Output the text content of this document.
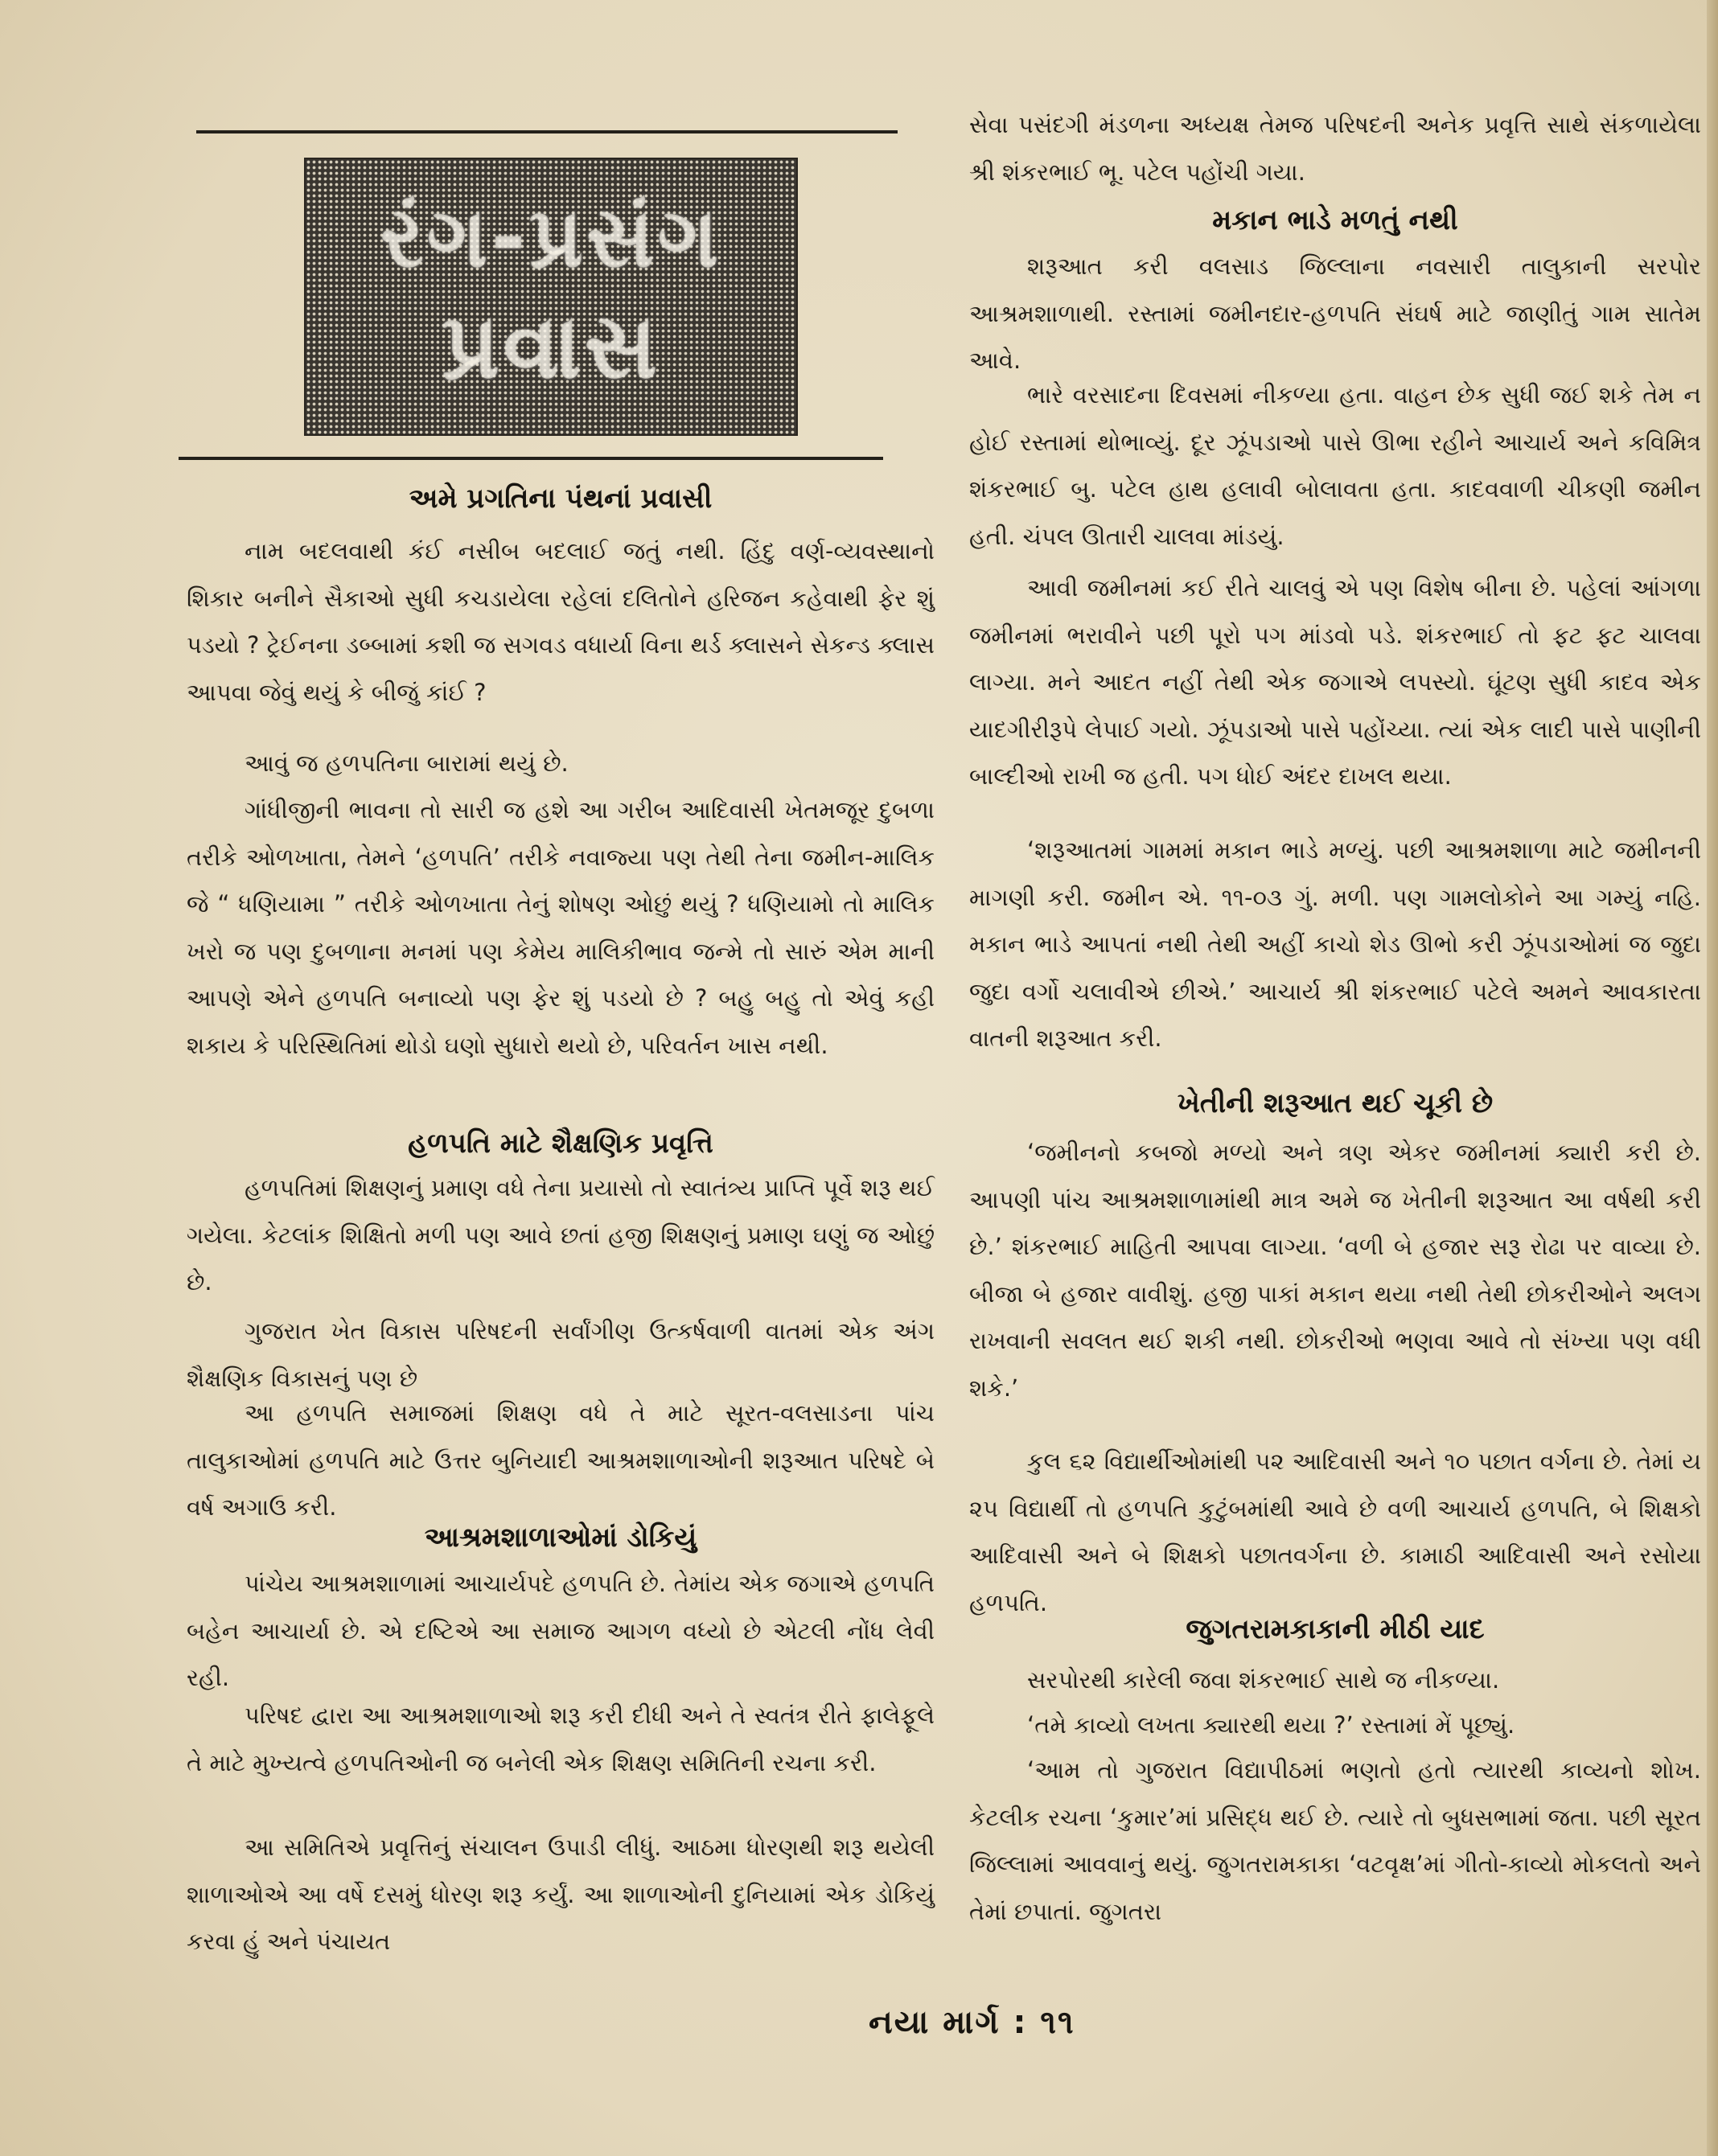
રંગ-પ્રસંગ
પ્રવાસ
અમે પ્રગતિના પંથનાં પ્રવાસી
નામ બદલવાથી કંઈ નસીબ બદલાઈ જતું નથી. હિંદુ વર્ણ-વ્યવસ્થાનો શિકાર બનીને સૈકાઓ સુધી કચડાયેલા રહેલાં દલિતોને હરિજન કહેવાથી ફેર શું પડયો ? ટ્રેઈનના ડબ્બામાં કશી જ સગવડ વધાર્યા વિના થર્ડ ક્લાસને સેકન્ડ ક્લાસ આપવા જેવું થયું કે બીજું કાંઈ ?
આવું જ હળપતિના બારામાં થયું છે.
ગાંધીજીની ભાવના તો સારી જ હશે આ ગરીબ આદિવાસી ખેતમજૂર દુબળા તરીકે ઓળખાતા, તેમને ‘હળપતિ’ તરીકે નવાજ્યા પણ તેથી તેના જમીન-માલિક જે “ ધણિયામા ” તરીકે ઓળખાતા તેનું શોષણ ઓછું થયું ? ધણિયામો તો માલિક ખરો જ પણ દુબળાના મનમાં પણ કેમેય માલિકીભાવ જન્મે તો સારું એમ માની આપણે એને હળપતિ બનાવ્યો પણ ફેર શું પડયો છે ? બહુ બહુ તો એવું કહી શકાય કે પરિસ્થિતિમાં થોડો ઘણો સુધારો થયો છે, પરિવર્તન ખાસ નથી.
હળપતિ માટે શૈક્ષણિક પ્રવૃત્તિ
હળપતિમાં શિક્ષણનું પ્રમાણ વધે તેના પ્રયાસો તો સ્વાતંત્ર્ય પ્રાપ્તિ પૂર્વે શરૂ થઈ ગયેલા. કેટલાંક શિક્ષિતો મળી પણ આવે છતાં હજી શિક્ષણનું પ્રમાણ ઘણું જ ઓછું છે.
ગુજરાત ખેત વિકાસ પરિષદની સર્વાંગીણ ઉત્કર્ષવાળી વાતમાં એક અંગ શૈક્ષણિક વિકાસનું પણ છે
આ હળપતિ સમાજમાં શિક્ષણ વધે તે માટે સૂરત-વલસાડના પાંચ તાલુકાઓમાં હળપતિ માટે ઉત્તર બુનિયાદી આશ્રમશાળાઓની શરૂઆત પરિષદે બે વર્ષ અગાઉ કરી.
આશ્રમશાળાઓમાં ડોકિયું
પાંચેય આશ્રમશાળામાં આચાર્યપદે હળપતિ છે. તેમાંય એક જગાએ હળપતિ બહેન આચાર્યા છે. એ દષ્ટિએ આ સમાજ આગળ વધ્યો છે એટલી નોંધ લેવી રહી.
પરિષદ દ્વારા આ આશ્રમશાળાઓ શરૂ કરી દીધી અને તે સ્વતંત્ર રીતે ફાલેફૂલે તે માટે મુખ્યત્વે હળપતિઓની જ બનેલી એક શિક્ષણ સમિતિની રચના કરી.
આ સમિતિએ પ્રવૃત્તિનું સંચાલન ઉપાડી લીધું. આઠમા ધોરણથી શરૂ થયેલી શાળાઓએ આ વર્ષે દસમું ધોરણ શરૂ કર્યું. આ શાળાઓની દુનિયામાં એક ડોકિયું કરવા હું અને પંચાયત
સેવા પસંદગી મંડળના અધ્યક્ષ તેમજ પરિષદની અનેક પ્રવૃત્તિ સાથે સંકળાયેલા શ્રી શંકરભાઈ ભૂ. પટેલ પહોંચી ગયા.
મકાન ભાડે મળતું નથી
શરૂઆત કરી વલસાડ જિલ્લાના નવસારી તાલુકાની સરપોર આશ્રમશાળાથી. રસ્તામાં જમીનદાર-હળપતિ સંઘર્ષ માટે જાણીતું ગામ સાતેમ આવે.
ભારે વરસાદના દિવસમાં નીકળ્યા હતા. વાહન છેક સુધી જઈ શકે તેમ ન હોઈ રસ્તામાં થોભાવ્યું. દૂર ઝૂંપડાઓ પાસે ઊભા રહીને આચાર્ય અને કવિમિત્ર શંકરભાઈ બુ. પટેલ હાથ હલાવી બોલાવતા હતા. કાદવવાળી ચીકણી જમીન હતી. ચંપલ ઊતારી ચાલવા માંડયું.
આવી જમીનમાં કઈ રીતે ચાલવું એ પણ વિશેષ બીના છે. પહેલાં આંગળા જમીનમાં ભરાવીને પછી પૂરો પગ માંડવો પડે. શંકરભાઈ તો ફટ ફટ ચાલવા લાગ્યા. મને આદત નહીં તેથી એક જગાએ લપસ્યો. ઘૂંટણ સુધી કાદવ એક યાદગીરીરૂપે લેપાઈ ગયો. ઝૂંપડાઓ પાસે પહોંચ્યા. ત્યાં એક લાદી પાસે પાણીની બાલ્દીઓ રાખી જ હતી. પગ ધોઈ અંદર દાખલ થયા.
‘શરૂઆતમાં ગામમાં મકાન ભાડે મળ્યું. પછી આશ્રમશાળા માટે જમીનની માગણી કરી. જમીન એ. ૧૧-૦૩ ગું. મળી. પણ ગામલોકોને આ ગમ્યું નહિ. મકાન ભાડે આપતાં નથી તેથી અહીં કાચો શેડ ઊભો કરી ઝૂંપડાઓમાં જ જુદા જુદા વર્ગો ચલાવીએ છીએ.’ આચાર્ય શ્રી શંકરભાઈ પટેલે અમને આવકારતા વાતની શરૂઆત કરી.
ખેતીની શરૂઆત થઈ ચૂકી છે
‘જમીનનો કબજો મળ્યો અને ત્રણ એકર જમીનમાં ક્યારી કરી છે. આપણી પાંચ આશ્રમશાળામાંથી માત્ર અમે જ ખેતીની શરૂઆત આ વર્ષથી કરી છે.’ શંકરભાઈ માહિતી આપવા લાગ્યા. ‘વળી બે હજાર સરૂ રોઢા પર વાવ્યા છે. બીજા બે હજાર વાવીશું. હજી પાકાં મકાન થયા નથી તેથી છોકરીઓને અલગ રાખવાની સવલત થઈ શકી નથી. છોકરીઓ ભણવા આવે તો સંખ્યા પણ વધી શકે.’
કુલ ૬૨ વિદ્યાર્થીઓમાંથી ૫૨ આદિવાસી અને ૧૦ પછાત વર્ગના છે. તેમાં ય ૨૫ વિદ્યાર્થી તો હળપતિ કુટુંબમાંથી આવે છે વળી આચાર્ય હળપતિ, બે શિક્ષકો આદિવાસી અને બે શિક્ષકો પછાતવર્ગના છે. કામાઠી આદિવાસી અને રસોયા હળપતિ.
જુગતરામકાકાની મીઠી યાદ
સરપોરથી કારેલી જવા શંકરભાઈ સાથે જ નીકળ્યા.
‘તમે કાવ્યો લખતા ક્યારથી થયા ?’ રસ્તામાં મેં પૂછ્યું.
‘આમ તો ગુજરાત વિદ્યાપીઠમાં ભણતો હતો ત્યારથી કાવ્યનો શોખ. કેટલીક રચના ‘કુમાર’માં પ્રસિદ્ધ થઈ છે. ત્યારે તો બુધસભામાં જતા. પછી સૂરત જિલ્લામાં આવવાનું થયું. જુગતરામકાકા ‘વટવૃક્ષ’માં ગીતો-કાવ્યો મોકલતો અને તેમાં છપાતાં. જુગતરા
નયા માર્ગ : ૧૧
